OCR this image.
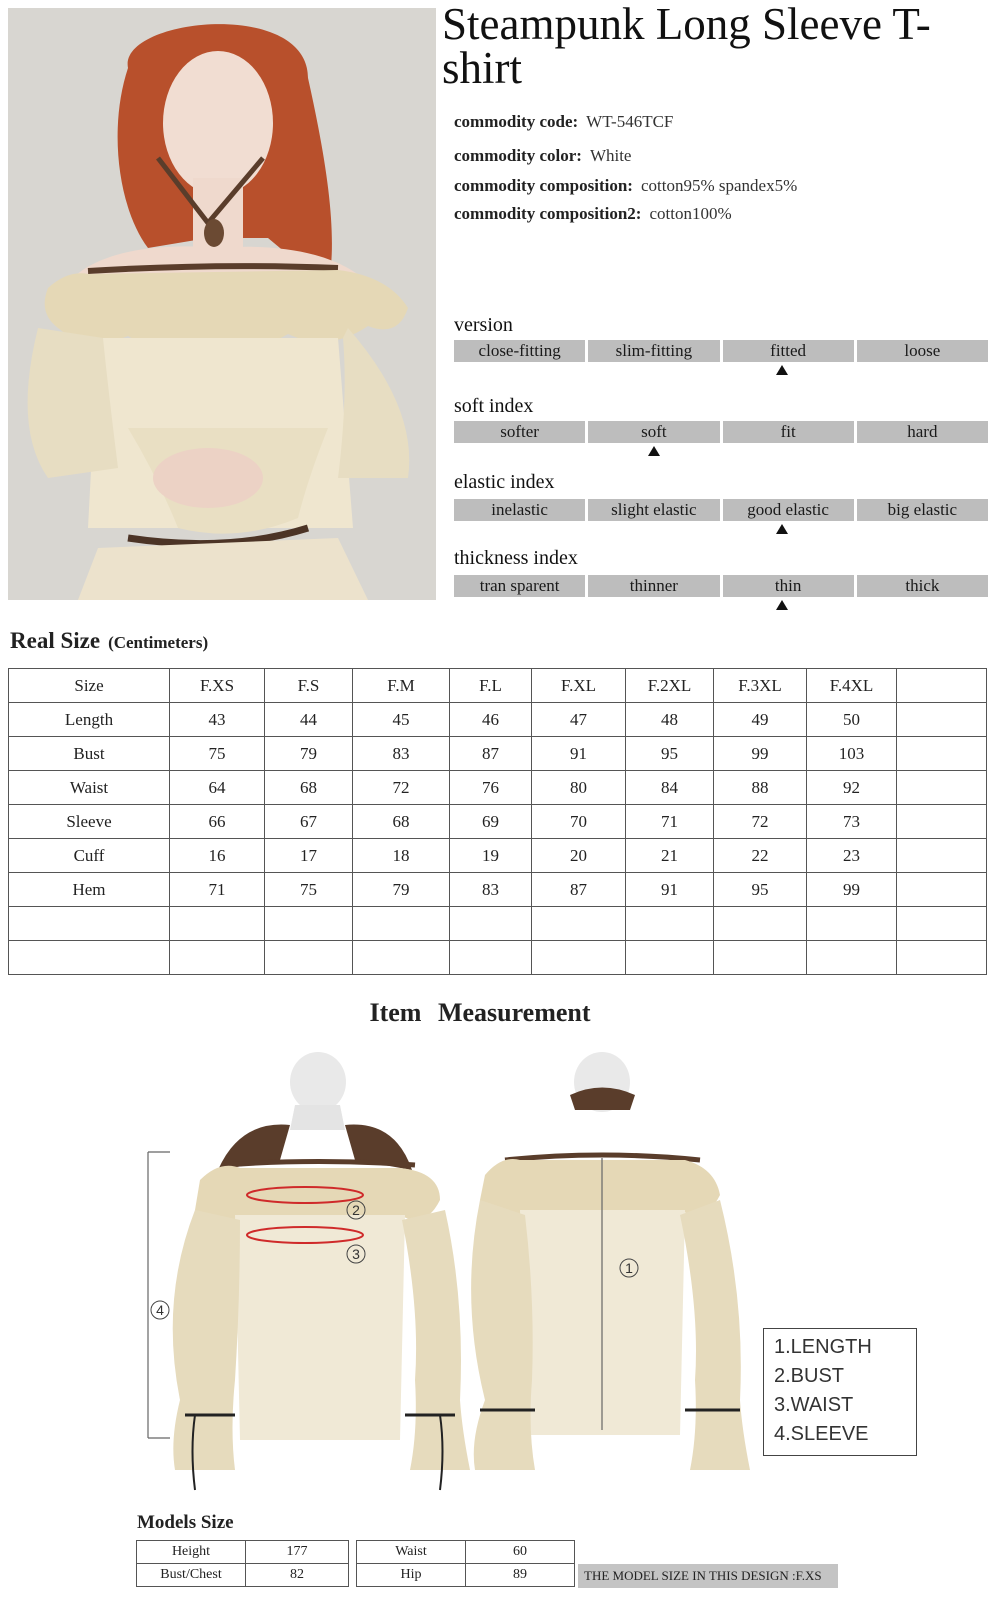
Steampunk Long Sleeve T-shirt
commodity code: WT-546TCF
commodity color: White
commodity composition: cotton95% spandex5%
commodity composition2: cotton100%
version
close-fitting	slim-fitting	fitted	loose
soft index
softer	soft	fit	hard
elastic index
inelastic	slight elastic	good elastic	big elastic
thickness index
tran sparent	thinner	thin	thick
Real Size (Centimeters)
Size	F.XS	F.S	F.M	F.L	F.XL	F.2XL	F.3XL	F.4XL	
Length	43	44	45	46	47	48	49	50	
Bust	75	79	83	87	91	95	99	103	
Waist	64	68	72	76	80	84	88	92	
Sleeve	66	67	68	69	70	71	72	73	
Cuff	16	17	18	19	20	21	22	23	
Hem	71	75	79	83	87	91	95	99	

Item Measurement
2
3
4
1
1.LENGTH
2.BUST
3.WAIST
4.SLEEVE
Models Size
Height	177
Bust/Chest	82
Waist	60
Hip	89	THE MODEL SIZE IN THIS DESIGN :F.XS
